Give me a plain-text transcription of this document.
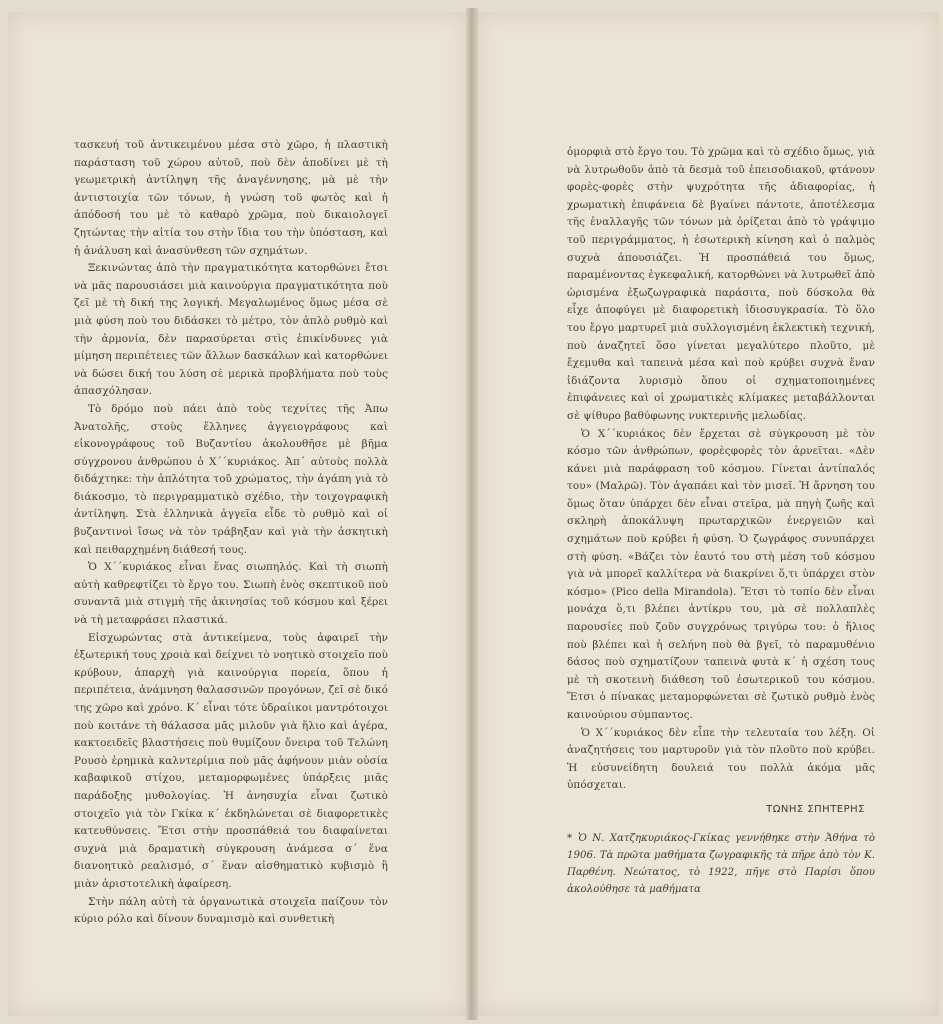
τασκευή τοῦ ἀντικειμένου μέσα στὸ χῶρο, ἡ πλαστικὴ παράσταση τοῦ χώρου αὐτοῦ, ποὺ δὲν ἀποδίνει μὲ τὴ γεωμετρικὴ ἀντίληψη τῆς ἀναγέννησης, μὰ μὲ τὴν ἀντιστοιχία τῶν τόνων, ἡ γνώση τοῦ φωτὸς καὶ ἡ ἀπόδοσή του μὲ τὸ καθαρὸ χρῶμα, ποὺ δικαιολογεῖ ζητώντας τὴν αἰτία του στὴν ἴδια του τὴν ὑπόσταση, καὶ ἡ ἀνάλυση καὶ ἀνασύνθεση τῶν σχημάτων.

Ξεκινώντας ἀπὸ τὴν πραγματικότητα κατορθώνει ἔτσι νὰ μᾶς παρουσιάσει μιὰ καινούργια πραγματικότητα ποὺ ζεῖ μὲ τὴ δική της λογική. Μεγαλωμένος ὅμως μέσα σὲ μιὰ φύση ποὺ του διδάσκει τὸ μέτρο, τὸν ἁπλὸ ρυθμὸ καὶ τὴν ἁρμονία, δὲν παρασύρεται στὶς ἐπικίνδυνες γιὰ μίμηση περιπέτειες τῶν ἄλλων δασκάλων καὶ κατορθώνει νὰ δώσει δική του λύση σὲ μερικὰ προβλήματα ποὺ τοὺς ἀπασχόλησαν.

Τὸ δρόμο ποὺ πάει ἀπὸ τοὺς τεχνίτες τῆς Ἀπω Ἀνατολῆς, στοὺς ἕλληνες ἀγγειογράφους καὶ εἰκονογράφους τοῦ Βυζαντίου ἀκολουθῆσε μὲ βῆμα σύγχρονου ἀνθρώπου ὁ Χ΄΄κυριάκος. Ἀπ΄ αὐτοὺς πολλὰ διδάχτηκε: τὴν ἁπλότητα τοῦ χρώματος, τὴν ἀγάπη γιὰ τὸ διάκοσμο, τὸ περιγραμματικὸ σχέδιο, τὴν τοιχογραφικὴ ἀντίληψη. Στὰ ἑλληνικὰ ἀγγεῖα εἶδε τὸ ρυθμὸ καὶ οἱ βυζαντινοὶ ἴσως νὰ τὸν τράβηξαν καὶ γιὰ τὴν ἀσκητικὴ καὶ πειθαρχημένη διάθεσή τους.

Ὁ Χ΄΄κυριάκος εἶναι ἕνας σιωπηλός. Καὶ τὴ σιωπὴ αὐτὴ καθρεφτίζει τὸ ἔργο του. Σιωπὴ ἑνὸς σκεπτικοῦ ποὺ συναντᾶ μιὰ στιγμὴ τῆς ἀκινησίας τοῦ κόσμου καὶ ξέρει νὰ τὴ μεταφράσει πλαστικά.

Εἰσχωρώντας στὰ ἀντικείμενα, τοὺς ἀφαιρεῖ τὴν ἐξωτερική τους χροιὰ καὶ δείχνει τὸ νοητικὸ στοιχεῖο ποὺ κρύβουν, ἀπαρχὴ γιὰ καινούργια πορεία, ὅπου ἡ περιπέτεια, ἀνάμνηση θαλασσινῶν προγόνων, ζεῖ σὲ δικό της χῶρο καὶ χρόνο. Κ΄ εἶναι τότε ὑδραίικοι μαντρότοιχοι ποὺ κοιτάνε τὴ θάλασσα μᾶς μιλοῦν γιὰ ἥλιο καὶ ἀγέρα, κακτοειδεῖς βλαστήσεις ποὺ θυμίζουν ὄνειρα τοῦ Τελώνη Ρουσὸ ἐρημικὰ καλντερίμια ποὺ μᾶς ἀφήνουν μιὰν οὐσία καβαφικοῦ στίχου, μεταμορφωμένες ὑπάρξεις μιᾶς παράδοξης μυθολογίας. Ἡ ἀνησυχία εἶναι ζωτικὸ στοιχεῖο γιὰ τὸν Γκίκα κ΄ ἐκδηλώνεται σὲ διαφορετικὲς κατευθύνσεις. Ἔτσι στὴν προσπάθειά του διαφαίνεται συχνὰ μιὰ δραματικὴ σύγκρουση ἀνάμεσα σ΄ ἕνα διανοητικὸ ρεαλισμό, σ΄ ἕναν αἰσθηματικὸ κυβισμὸ ἢ μιὰν ἀριστοτελικὴ ἀφαίρεση.

Στὴν πάλη αὐτὴ τὰ ὀργανωτικὰ στοιχεῖα παίζουν τὸν κύριο ρόλο καὶ δίνουν δυναμισμὸ καὶ συνθετικὴ

ὀμορφιὰ στὸ ἔργο του. Τὸ χρῶμα καὶ τὸ σχέδιο ὅμως, γιὰ νὰ λυτρωθοῦν ἀπὸ τὰ δεσμὰ τοῦ ἐπεισοδιακοῦ, φτάνουν φορὲς-φορὲς στὴν ψυχρότητα τῆς ἀδιαφορίας, ἡ χρωματικὴ ἐπιφάνεια δὲ βγαίνει πάντοτε, ἀποτέλεσμα τῆς ἐναλλαγῆς τῶν τόνων μὰ ὁρίζεται ἀπὸ τὸ γράψιμο τοῦ περιγράμματος, ἡ ἐσωτερικὴ κίνηση καὶ ὁ παλμὸς συχνὰ ἀπουσιάζει. Ἡ προσπάθειά του ὅμως, παραμένοντας ἐγκεφαλική, κατορθώνει νὰ λυτρωθεῖ ἀπὸ ὡρισμένα ἐξωζωγραφικὰ παράσιτα, ποὺ δύσκολα θὰ εἶχε ἀποφύγει μὲ διαφορετικὴ ἰδιοσυγκρασία. Τὸ ὅλο του ἔργο μαρτυρεῖ μιὰ συλλογισμένη ἐκλεκτικὴ τεχνική, ποὺ ἀναζητεῖ ὅσο γίνεται μεγαλύτερο πλοῦτο, μὲ ἔχεμυθα καὶ ταπεινὰ μέσα καὶ ποὺ κρύβει συχνὰ ἕναν ἰδιάζοντα λυρισμὸ ὅπου οἱ σχηματοποιημένες ἐπιφάνειες καὶ οἱ χρωματικὲς κλίμακες μεταβάλλονται σὲ ψίθυρο βαθύφωνης νυκτερινῆς μελωδίας.

Ὁ Χ΄΄κυριάκος δὲν ἔρχεται σὲ σύγκρουση μὲ τὸν κόσμο τῶν ἀνθρώπων, φορὲςφορὲς τὸν ἀρνεῖται. «Δὲν κάνει μιὰ παράφραση τοῦ κόσμου. Γίνεται ἀντίπαλός του» (Μαλρῶ). Τὸν ἀγαπάει καὶ τὸν μισεῖ. Ἡ ἄρνηση του ὅμως ὅταν ὑπάρχει δὲν εἶναι στεῖρα, μὰ πηγὴ ζωῆς καὶ σκληρὴ ἀποκάλυψη πρωταρχικῶν ἐνεργειῶν καὶ σχημάτων ποὺ κρύβει ἡ φύση. Ὁ ζωγράφος συνυπάρχει στὴ φύση. «Βάζει τὸν ἑαυτό του στὴ μέση τοῦ κόσμου γιὰ νὰ μπορεῖ καλλίτερα νὰ διακρίνει ὅ,τι ὑπάρχει στὸν κόσμο» (Pico della Mirandola). Ἔτσι τὸ τοπίο δὲν εἶναι μονάχα ὅ,τι βλέπει ἀντίκρυ του, μὰ σὲ πολλαπλὲς παρουσίες ποὺ ζοῦν συγχρόνως τριγύρω του: ὁ ἥλιος ποὺ βλέπει καὶ ἡ σελήνη ποὺ θὰ βγεῖ, τὸ παραμυθένιο δάσος ποὺ σχηματίζουν ταπεινὰ φυτὰ κ΄ ἡ σχέση τους μὲ τὴ σκοτεινὴ διάθεση τοῦ ἐσωτερικοῦ του κόσμου. Ἔτσι ὁ πίνακας μεταμορφώνεται σὲ ζωτικὸ ρυθμὸ ἑνὸς καινούριου σύμπαντος.

Ὁ Χ΄΄κυριάκος δὲν εἶπε τὴν τελευταία του λέξη. Οἱ ἀναζητήσεις του μαρτυροῦν γιὰ τὸν πλοῦτο ποὺ κρύβει. Ἡ εὐσυνείδητη δουλειά του πολλὰ ἀκόμα μᾶς ὑπόσχεται.

ΤΩΝΗΣ ΣΠΗΤΕΡΗΣ
* Ὁ Ν. Χατζηκυριάκος-Γκίκας γεννήθηκε στὴν Ἀθήνα τὸ 1906. Τὰ πρῶτα μαθήματα ζωγραφικῆς τὰ πῆρε ἀπὸ τὸν Κ. Παρθένη. Νεώτατος, τὸ 1922, πῆγε στὸ Παρίσι ὅπου ἀκολούθησε τὰ μαθήματα
